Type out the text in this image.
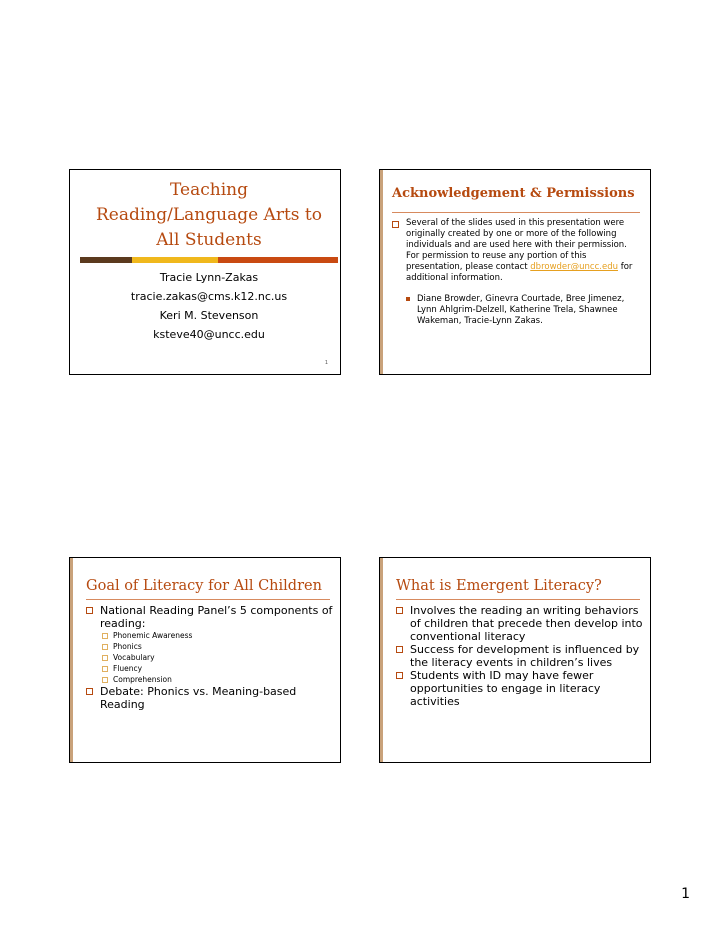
Teaching
Reading/Language Arts to
All Students
Tracie Lynn-Zakas
tracie.zakas@cms.k12.nc.us
Keri M. Stevenson
ksteve40@uncc.edu
1
Acknowledgement & Permissions
Several of the slides used in this presentation were originally created by one or more of the following individuals and are used here with their permission. For permission to reuse any portion of this presentation, please contact dbrowder@uncc.edu for additional information.
Diane Browder, Ginevra Courtade, Bree Jimenez, Lynn Ahlgrim-Delzell, Katherine Trela, Shawnee Wakeman, Tracie-Lynn Zakas.
Goal of Literacy for All Children
National Reading Panel’s 5 components of reading:
Phonemic Awareness
Phonics
Vocabulary
Fluency
Comprehension
Debate: Phonics vs. Meaning-based Reading
What is Emergent Literacy?
Involves the reading an writing behaviors of children that precede then develop into conventional literacy
Success for development is influenced by the literacy events in children’s lives
Students with ID may have fewer opportunities to engage in literacy activities
1
